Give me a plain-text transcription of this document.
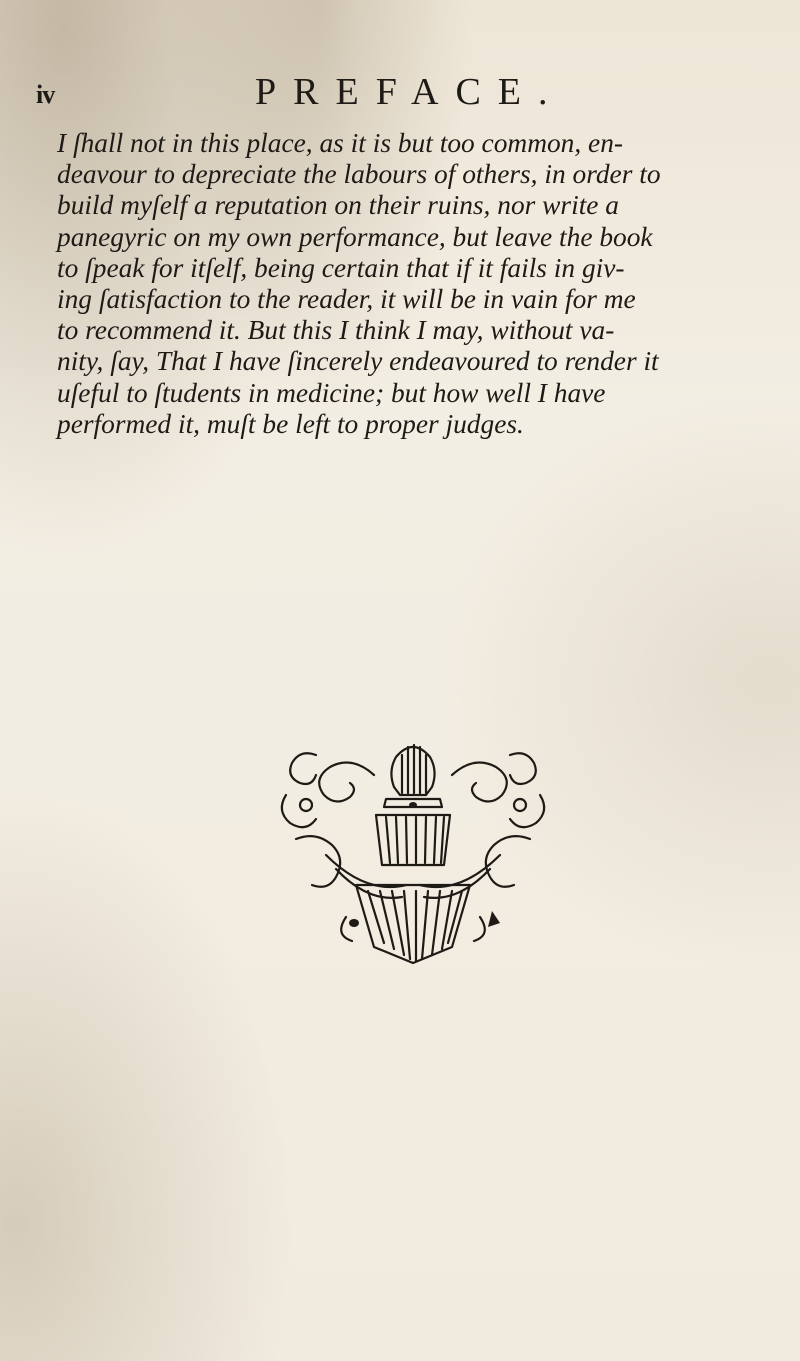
iv	PREFACE.
I ſhall not in this place, as it is but too common, en-
deavour to depreciate the labours of others, in order to
build myſelf a reputation on their ruins, nor write a
panegyric on my own performance, but leave the book
to ſpeak for itſelf, being certain that if it fails in giv-
ing ſatisfaction to the reader, it will be in vain for me
to recommend it. But this I think I may, without va-
nity, ſay, That I have ſincerely endeavoured to render it
uſeful to ſtudents in medicine; but how well I have
performed it, muſt be left to proper judges.
